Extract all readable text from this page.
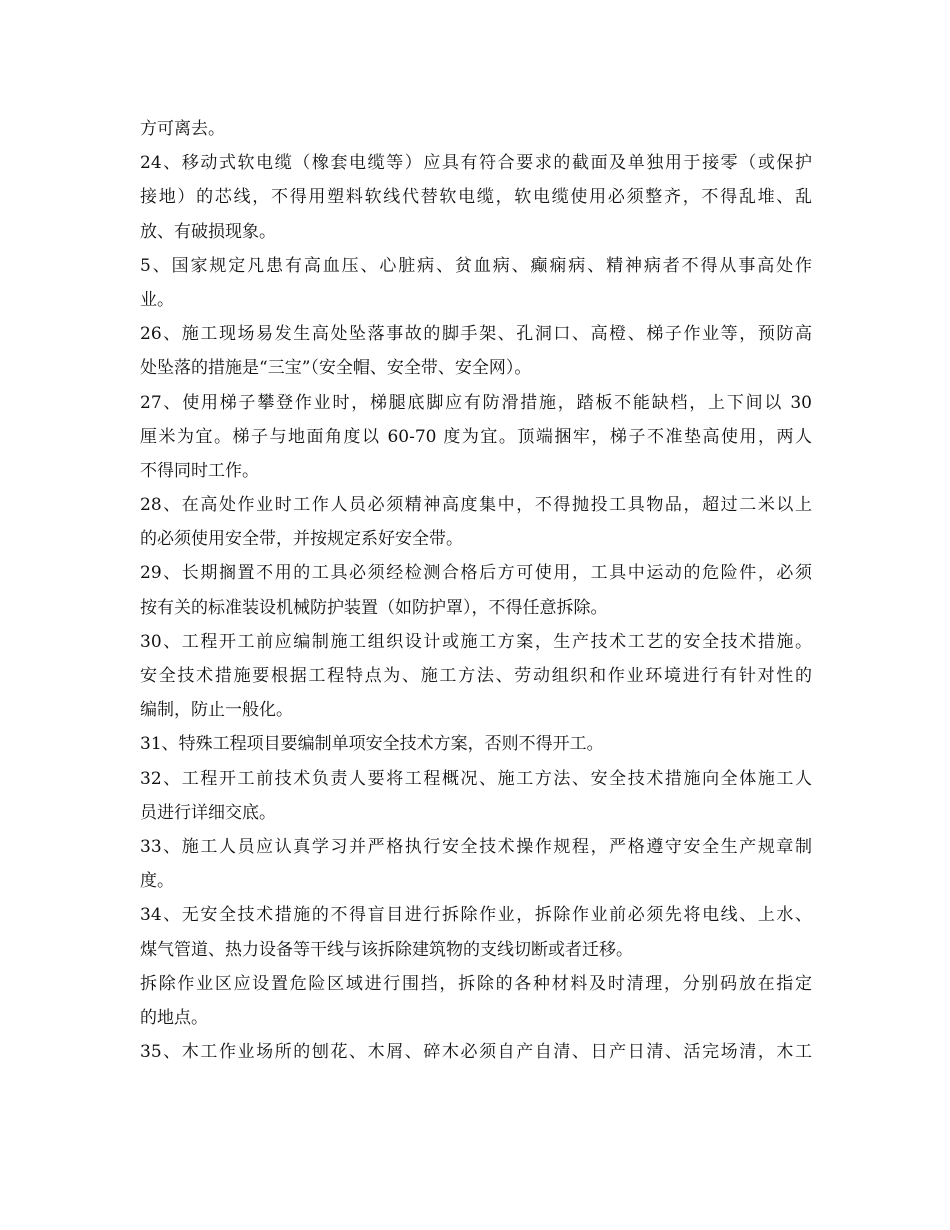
方可离去。
24、移动式软电缆（橡套电缆等）应具有符合要求的截面及单独用于接零（或保护
接地）的芯线，不得用塑料软线代替软电缆，软电缆使用必须整齐，不得乱堆、乱
放、有破损现象。
5、国家规定凡患有高血压、心脏病、贫血病、癫痫病、精神病者不得从事高处作
业。
26、施工现场易发生高处坠落事故的脚手架、孔洞口、高橙、梯子作业等，预防高
处坠落的措施是“三宝”（安全帽、安全带、安全网）。
27、使用梯子攀登作业时，梯腿底脚应有防滑措施，踏板不能缺档，上下间以 30
厘米为宜。梯子与地面角度以 60-70 度为宜。顶端捆牢，梯子不准垫高使用，两人
不得同时工作。
28、在高处作业时工作人员必须精神高度集中，不得抛投工具物品，超过二米以上
的必须使用安全带，并按规定系好安全带。
29、长期搁置不用的工具必须经检测合格后方可使用，工具中运动的危险件，必须
按有关的标准装设机械防护装置（如防护罩），不得任意拆除。
30、工程开工前应编制施工组织设计或施工方案，生产技术工艺的安全技术措施。
安全技术措施要根据工程特点为、施工方法、劳动组织和作业环境进行有针对性的
编制，防止一般化。
31、特殊工程项目要编制单项安全技术方案，否则不得开工。
32、工程开工前技术负责人要将工程概况、施工方法、安全技术措施向全体施工人
员进行详细交底。
33、施工人员应认真学习并严格执行安全技术操作规程，严格遵守安全生产规章制
度。
34、无安全技术措施的不得盲目进行拆除作业，拆除作业前必须先将电线、上水、
煤气管道、热力设备等干线与该拆除建筑物的支线切断或者迁移。
拆除作业区应设置危险区域进行围挡，拆除的各种材料及时清理，分别码放在指定
的地点。
35、木工作业场所的刨花、木屑、碎木必须自产自清、日产日清、活完场清，木工
